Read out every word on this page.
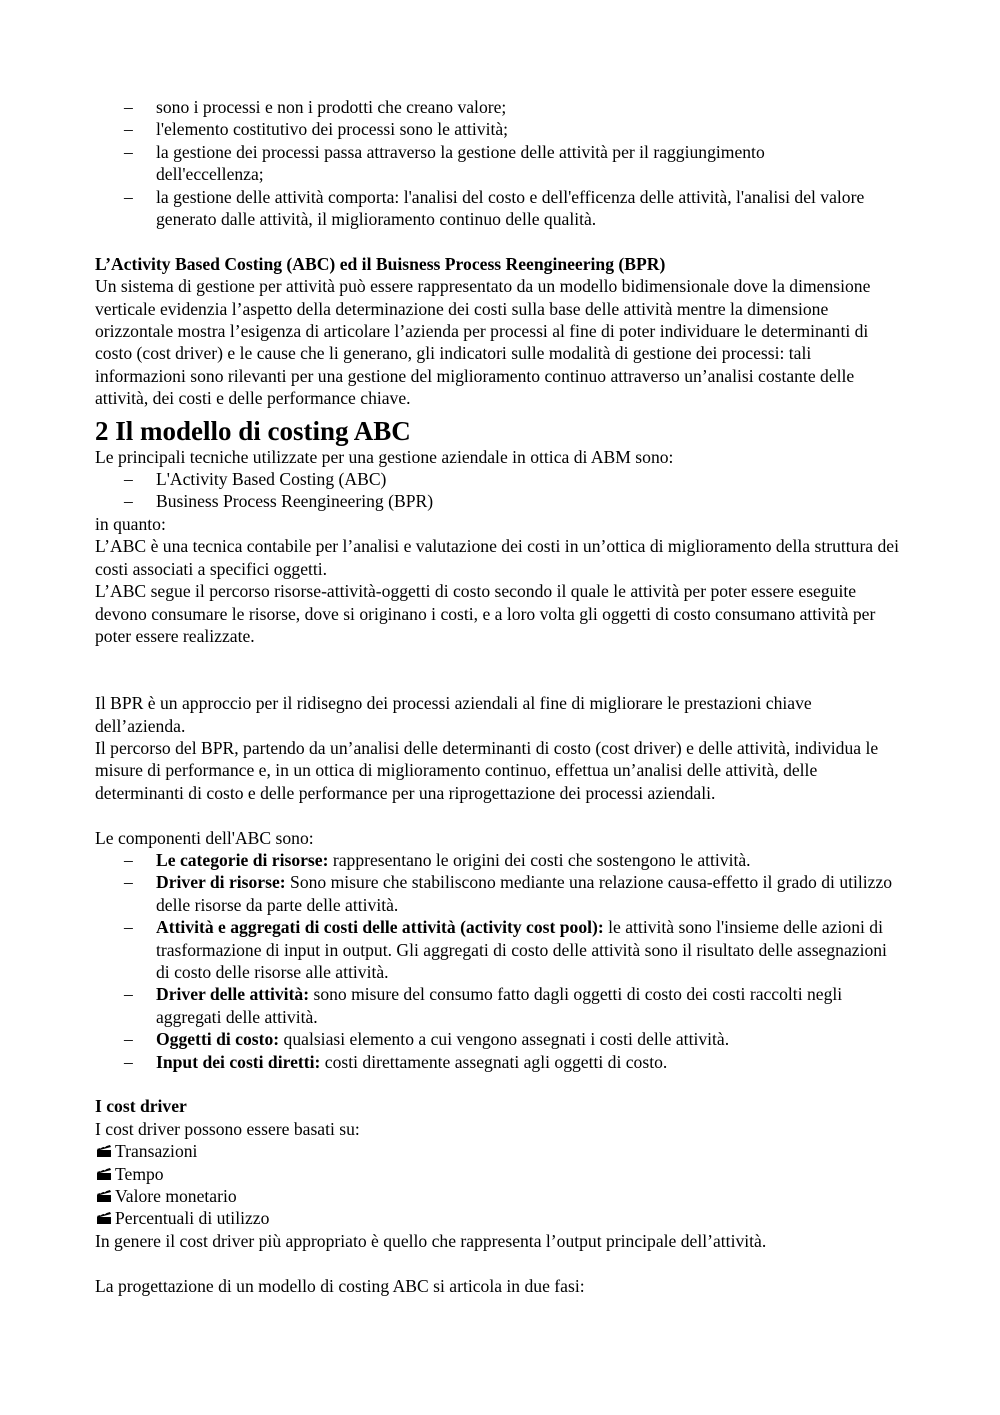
– sono i processi e non i prodotti che creano valore;
– l'elemento costitutivo dei processi sono le attività;
– la gestione dei processi passa attraverso la gestione delle attività per il raggiungimento dell'eccellenza;
– la gestione delle attività comporta: l'analisi del costo e dell'efficenza delle attività, l'analisi del valore generato dalle attività, il miglioramento continuo delle qualità.

L’Activity Based Costing (ABC) ed il Buisness Process Reengineering (BPR)

Un sistema di gestione per attività può essere rappresentato da un modello bidimensionale dove la dimensione verticale evidenzia l’aspetto della determinazione dei costi sulla base delle attività mentre la dimensione orizzontale mostra l’esigenza di articolare l’azienda per processi al fine di poter individuare le determinanti di costo (cost driver) e le cause che li generano, gli indicatori sulle modalità di gestione dei processi: tali informazioni sono rilevanti per una gestione del miglioramento continuo attraverso un’analisi costante delle attività, dei costi e delle performance chiave.

2 Il modello di costing ABC

Le principali tecniche utilizzate per una gestione aziendale in ottica di ABM sono:

– L'Activity Based Costing (ABC)
– Business Process Reengineering (BPR)

in quanto:

L’ABC è una tecnica contabile per l’analisi e valutazione dei costi in un’ottica di miglioramento della struttura dei costi associati a specifici oggetti.

L’ABC segue il percorso risorse-attività-oggetti di costo secondo il quale le attività per poter essere eseguite devono consumare le risorse, dove si originano i costi, e a loro volta gli oggetti di costo consumano attività per poter essere realizzate.

Il BPR è un approccio per il ridisegno dei processi aziendali al fine di migliorare le prestazioni chiave dell’azienda.

Il percorso del BPR, partendo da un’analisi delle determinanti di costo (cost driver) e delle attività, individua le misure di performance e, in un ottica di miglioramento continuo, effettua un’analisi delle attività, delle determinanti di costo e delle performance per una riprogettazione dei processi aziendali.

Le componenti dell'ABC sono:

– Le categorie di risorse: rappresentano le origini dei costi che sostengono le attività.
– Driver di risorse: Sono misure che stabiliscono mediante una relazione causa-effetto il grado di utilizzo delle risorse da parte delle attività.
– Attività e aggregati di costi delle attività (activity cost pool): le attività sono l'insieme delle azioni di trasformazione di input in output. Gli aggregati di costo delle attività sono il risultato delle assegnazioni di costo delle risorse alle attività.
– Driver delle attività: sono misure del consumo fatto dagli oggetti di costo dei costi raccolti negli aggregati delle attività.
– Oggetti di costo: qualsiasi elemento a cui vengono assegnati i costi delle attività.
– Input dei costi diretti: costi direttamente assegnati agli oggetti di costo.

I cost driver

I cost driver possono essere basati su:

Transazioni
Tempo
Valore monetario
Percentuali di utilizzo

In genere il cost driver più appropriato è quello che rappresenta l’output principale dell’attività.

La progettazione di un modello di costing ABC si articola in due fasi:
